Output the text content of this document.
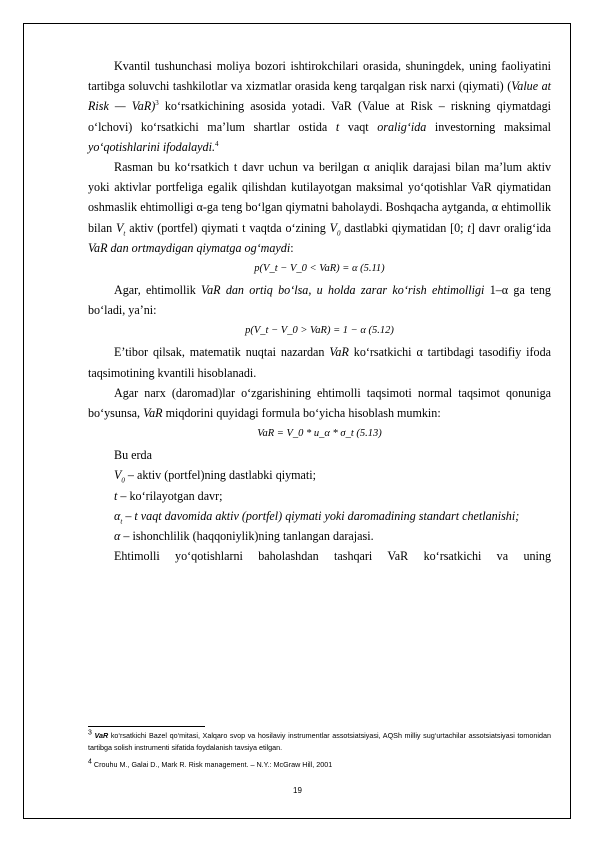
Kvantil tushunchasi moliya bozori ishtirokchilari orasida, shuningdek, uning faoliyatini tartibga soluvchi tashkilotlar va xizmatlar orasida keng tarqalgan risk narxi (qiymati) (Value at Risk — VaR)$^3$ ko‘rsatkichining asosida yotadi. VaR (Value at Risk – riskning qiymatdagi o‘lchovi) ko‘rsatkichi ma’lum shartlar ostida t vaqt oralig‘ida investorning maksimal yo‘qotishlarini ifodalaydi.$^4$

Rasman bu ko‘rsatkich t davr uchun va berilgan α aniqlik darajasi bilan ma’lum aktiv yoki aktivlar portfeliga egalik qilishdan kutilayotgan maksimal yo‘qotishlar VaR qiymatidan oshmaslik ehtimolligi α-ga teng bo‘lgan qiymatni baholaydi. Boshqacha aytganda, α ehtimollik bilan $V_t$ aktiv (portfel) qiymati t vaqtda o‘zining $V_0$ dastlabki qiymatidan [0; t] davr oralig‘ida VaR dan ortmaydigan qiymatga og‘maydi:

p(V_t − V_0 < VaR) = α (5.11)

Agar, ehtimollik VaR dan ortiq bo‘lsa, u holda zarar ko‘rish ehtimolligi 1–α ga teng bo‘ladi, ya’ni:

p(V_t − V_0 > VaR) = 1 − α (5.12)

E’tibor qilsak, matematik nuqtai nazardan VaR ko‘rsatkichi α tartibdagi tasodifiy ifoda taqsimotining kvantili hisoblanadi.

Agar narx (daromad)lar o‘zgarishining ehtimolli taqsimoti normal taqsimot qonuniga bo‘ysunsa, VaR miqdorini quyidagi formula bo‘yicha hisoblash mumkin:

VaR = V_0 * u_α * σ_t (5.13)

Bu erda

$V_0$ – aktiv (portfel)ning dastlabki qiymati;

t – ko‘rilayotgan davr;

$\alpha_t$ – t vaqt davomida aktiv (portfel) qiymati yoki daromadining standart chetlanishi;

α – ishonchlilik (haqqoniylik)ning tanlangan darajasi.

Ehtimolli yo‘qotishlarni baholashdan tashqari VaR ko‘rsatkichi va uning

$^3$ VaR ko‘rsatkichi Bazel qo‘mitasi, Xalqaro svop va hosilaviy instrumentlar assotsiatsiyasi, AQSh milliy sug‘urtachilar assotsiatsiyasi tomonidan tartibga solish instrumenti sifatida foydalanish tavsiya etilgan.

$^4$ Crouhu M., Galai D., Mark R. Risk management. – N.Y.: McGraw Hill, 2001

19
